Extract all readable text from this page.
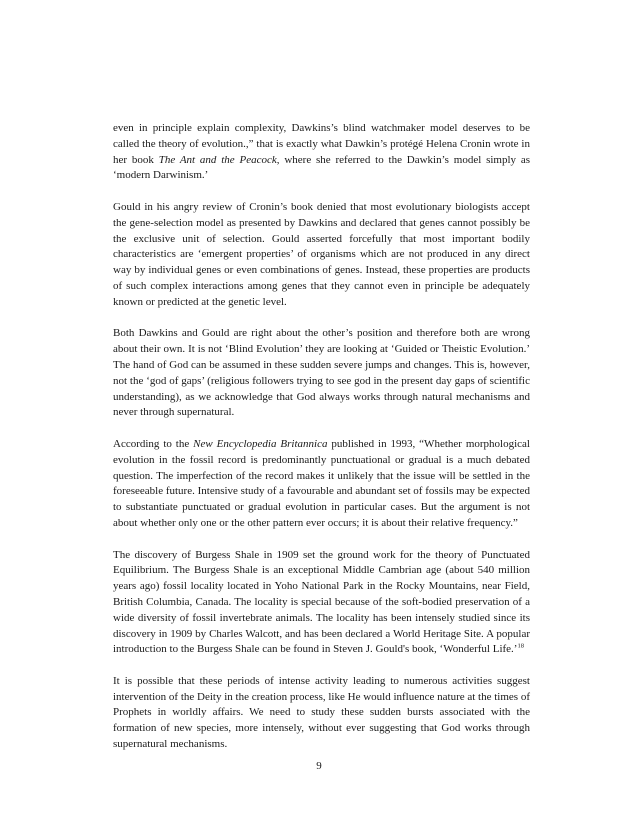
even in principle explain complexity, Dawkins’s blind watchmaker model deserves to be called the theory of evolution.,” that is exactly what Dawkin’s protégé Helena Cronin wrote in her book The Ant and the Peacock, where she referred to the Dawkin’s model simply as ‘modern Darwinism.’

Gould in his angry review of Cronin’s book denied that most evolutionary biologists accept the gene-selection model as presented by Dawkins and declared that genes cannot possibly be the exclusive unit of selection. Gould asserted forcefully that most important bodily characteristics are ‘emergent properties’ of organisms which are not produced in any direct way by individual genes or even combinations of genes. Instead, these properties are products of such complex interactions among genes that they cannot even in principle be adequately known or predicted at the genetic level.

Both Dawkins and Gould are right about the other’s position and therefore both are wrong about their own. It is not ‘Blind Evolution’ they are looking at ‘Guided or Theistic Evolution.’ The hand of God can be assumed in these sudden severe jumps and changes. This is, however, not the ‘god of gaps’ (religious followers trying to see god in the present day gaps of scientific understanding), as we acknowledge that God always works through natural mechanisms and never through supernatural.

According to the New Encyclopedia Britannica published in 1993, “Whether morphological evolution in the fossil record is predominantly punctuational or gradual is a much debated question. The imperfection of the record makes it unlikely that the issue will be settled in the foreseeable future. Intensive study of a favourable and abundant set of fossils may be expected to substantiate punctuated or gradual evolution in particular cases. But the argument is not about whether only one or the other pattern ever occurs; it is about their relative frequency.”

The discovery of Burgess Shale in 1909 set the ground work for the theory of Punctuated Equilibrium. The Burgess Shale is an exceptional Middle Cambrian age (about 540 million years ago) fossil locality located in Yoho National Park in the Rocky Mountains, near Field, British Columbia, Canada. The locality is special because of the soft-bodied preservation of a wide diversity of fossil invertebrate animals. The locality has been intensely studied since its discovery in 1909 by Charles Walcott, and has been declared a World Heritage Site. A popular introduction to the Burgess Shale can be found in Steven J. Gould's book, ‘Wonderful Life.’$^{18}$

It is possible that these periods of intense activity leading to numerous activities suggest intervention of the Deity in the creation process, like He would influence nature at the times of Prophets in worldly affairs. We need to study these sudden bursts associated with the formation of new species, more intensely, without ever suggesting that God works through supernatural mechanisms.

9
